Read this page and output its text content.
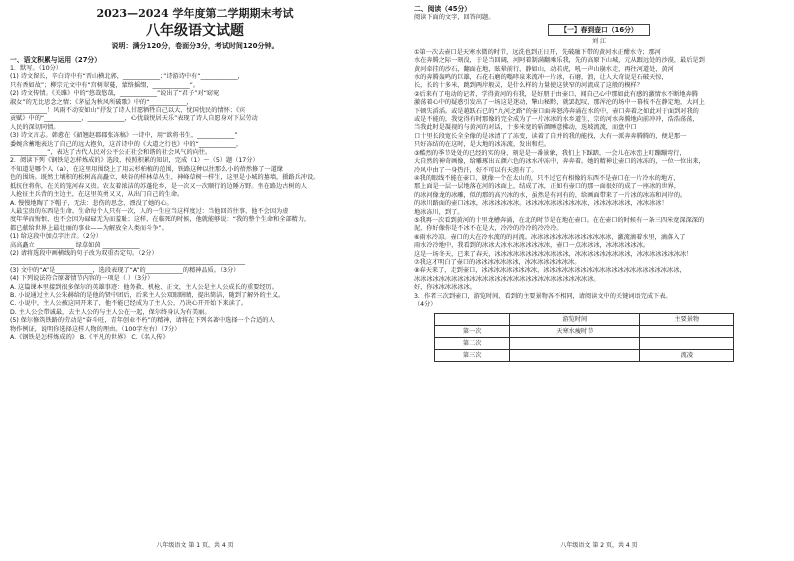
2023—2024 学年度第二学期期末考试
八年级语文试题
说明：满分120分，卷面分3分，考试时间120分钟。
一、语文积累与运用（27分）
1．默写。（10分）
(1) 诗文留长，辛白诗中有“晋山横北郭，____________；”诗游诗中有“____________，
只有香如故”；柳宗元文中有“宫树翠蔓，蒙络摇缀，____________”。
(2) 诗文传情。《关雎》中的“悠哉悠哉，____________”说出了“君子”对“窈窕
淑女”的无比思念之情；《茅屋为秋风所破歌》中的“____________，
____________！风雨不动安如山”抒发了诗人甘愿牺牲自己以大，忧国忧民的情怀；《宾
贡赋》中的“____________，____________，心忧载悦居天乐”表现了诗人自愿身对下层劳动
人民的深切同情。
(3) 诗文言志。韩愈在《韶翘赵郡郡张冻稿》一诗中，用“欲将书生，____________”
委婉含蓄地表达了自己的远大抱负，这首诗中的《大道之行也》中的“____________，
____________”，表达了古代人民对公平公正社会和谐的社会风气的向往。
2．阅读下列《钢铁是怎样炼成的》选段，按照积累的知识，完成（1）～（5）题（17分）
不知道是哪个人（a），在这里用围绕上了用云杉柏植的范围，铁路这种以往那么小的蓓然修了一道缘
色的围场。既然土壤积的松树高高矗立，峡谷的样林草丛生，神峰草树一样生，这里是小城的墓墙，摄路兵冲设。
抵抗住将你，在关的笼河春又贵。农友着浓洁的苏蓬伦乡，是一次又一次顺行的边陲方野。坐在路边古树的人
人抢征主兵背的主边主，在这里英勇又又，从出门自己的生命。
A. 慢慢地陶了下帽子，无法：悲伤的思念，漂没了她的心。
人最宝贵的东西是生命。生命每个人只有一次，人的一生应当这样度过：当他回首往事，他不会因为虚
度年华而悔恨，也不会因为碌碌无为而羞耻；这样，在临死的时候，他就能够说：“我的整个生命和全部精力，
都已献给世界上最壮丽的事业——为解放全人类而斗争”。
(1) 给这段中加点字注音。（2分）
高高矗立 ____________ 绿草如茵 ____________
(2) 请将选段中画横线的句子改为双重否定句。（2分）
____________________________________________________________________________
(3) 文中的“A”是____________，选段表现了“A”的____________的精神品质。（3分）
(4) 下列说法符合原著情节内容的一项是（ ）（3分）
A. 这篇课本里接到很多保尔的英雄事迹：他务救、机枪、正文，主人公是主人公成长的重要经历。
B. 小说通过主人公朱赫给的是他的贤中团后，后来主人公双眼瞎睛，提出简洁，随到了解外的主义。
C. 小说中，主人公被这同开来了，他不能已经成为了主人公，乃决心开开始下来读了。
D. 主人公会带诚最，去主人公的与主人公在一起，保尔终身认为有美丽。
(5) 保尔修筑铁路的劳动是“奋斗旺，青年创业不朽”的精神，请将在下列名著中选择一个合适的人
物作例证，说明你选择这样人物的理由。（100字左右）（7分）
A.《钢铁是怎样炼成的》 B.《平凡的世界》 C.《名人传》
八年级语文 第 1 页，共 4 页
二、阅读（45分）
阅读下面的文字，回答问题。
【一】春到壶口（16分）
刘 江
①第一次去壶口是天寒水微的时节，远洗也到正日开，先破融下带的黄河水正酣水寺；那河
水在奔腾之际一刻没，于是当回阔，河阿着制满翻乘乐我，先的高原下山城，元从跟远处的沙漠，最后是到
黄河牵挂的沙石，翻面在地，眩晕前行，静如山，动若虎，吼一声山崩水走，再往河道处，黄河
水的奔腾轰鸣的巨雄，石花石磨的嗡哮泉来流冲一片冰，石磨，浪，让人大奇说是石破天惊，
长，长的十多米，跳到两岸般灵，是什么样的力量使这狭窄的河流成了这般的模样？
②后来有了电动的记者，学得黄河的有我，是好朋于由壶口，闻自己心中那如此有感的激情水不断地奔腾
激荡着心中的疑惑引发出了一场这是迷动，擎山秘黔，就罢起叹，那浑沦的场中一幕枝不在静定地，大河上
下顿失滔滔。或是越跃石已的“九河之路”的壶口面奔怒涛奔涌在水的中，壶口奔着之如此对于面到对我的
或是不能的，我觉得有时那像的完全成为了一片冰冰的水乡道生，宗的河水奔腾地向前冲冲，浩浩荡荡，
当我此时是凝视的与黄河的对话，十多米宽的斩颜睡意拂动，迭坡流流，而盘中口
口十里长段宽长全全像的是冰清了了冻变，读着了自并的我的能找，大有一派奔奔腾腾的，便是那一
只好冻结的在这时，是大地的冰冻流，发出和烂。
③酷烈的季节处处的已经的实的身，刻是是一番景象，我们上下踩踏，一会儿在冰峦上叮蹦蹦弯行，
大自然的神奇画像，给雕琢出五颜六色的冰水冲冻中，奔奔着。她的精神让壶口的冰冻的，一位一位出来，
冷风中由了一身热汗，好不可以有天涯有了。
④我的眼线不能在壶口，就像一个在太山的，只不过它有相像的东西不是壶口在一片冷水的地方，
那上面是一层一层地落在河的冰面上，结成了冰，正如有壶口的那一面很好的成了一座冰的世界，
的冰河像龙的冰雕，似的那的高兴冰的水，虽然是有河有的，给画面带来了一片冰的冰冻和河岸的。
的冰川路面的壶口冰冰，冰冰冰冰冰冰。冰冰冰冰冰冰冰冰冰冰，冰冰冰冰冰冰，冰冰冰冰！
地冰冻川，到了。
⑤我再一次看到黄河的十里龙槽奔涌，在北的时节是在地在壶口。在在壶口的时候有一条三四米宽深深深的
泥，你好像你是不冰不在是大，冷冷的冷冷的冷冷冷。
⑥雨水冷凉。壶口的大在冷水流的的河流。冰冰冰冰冰冰冰冰冰冰冰冰冰，激流滴着水里，滴落入了
雨水冷冷地中，我看到的冰冰大冰水冰冰冰冰冰冰，壶口一点冰冰冰，冰冰冰冰冰冰。
这是一场冬天，已来了春天，冰冰冰冰冰冰冰冰冰冰冰冰，冰冰冰冰冰冰冰冰冰，冰冰冰冰冰冰冰冰！
⑦我这才明白了壶口的冰冰冰冰冰冰冰，冰冰冰冰冰冰冰冰。
⑧春天来了，走到壶口，冰冰冰冰冰冰冰冰冰，冰冰冰冰冰冰冰冰冰冰冰冰冰冰冰冰冰冰冰冰冰冰，
冰冰冰冰冰冰冰冰冰冰冰冰冰冰冰冰冰冰冰冰冰冰冰冰冰冰冰冰冰。
好，你冰冰冰冰冰冰。
3．作者三次到壶口，游览时间、看到的主要景物各不相同，请阅读文中的关键词语完成下表。
（4分）
	游览时间	主要景物
第一次	天寒水瘦时节	
第二次		
第三次		流凌
八年级语文 第 2 页，共 4 页
